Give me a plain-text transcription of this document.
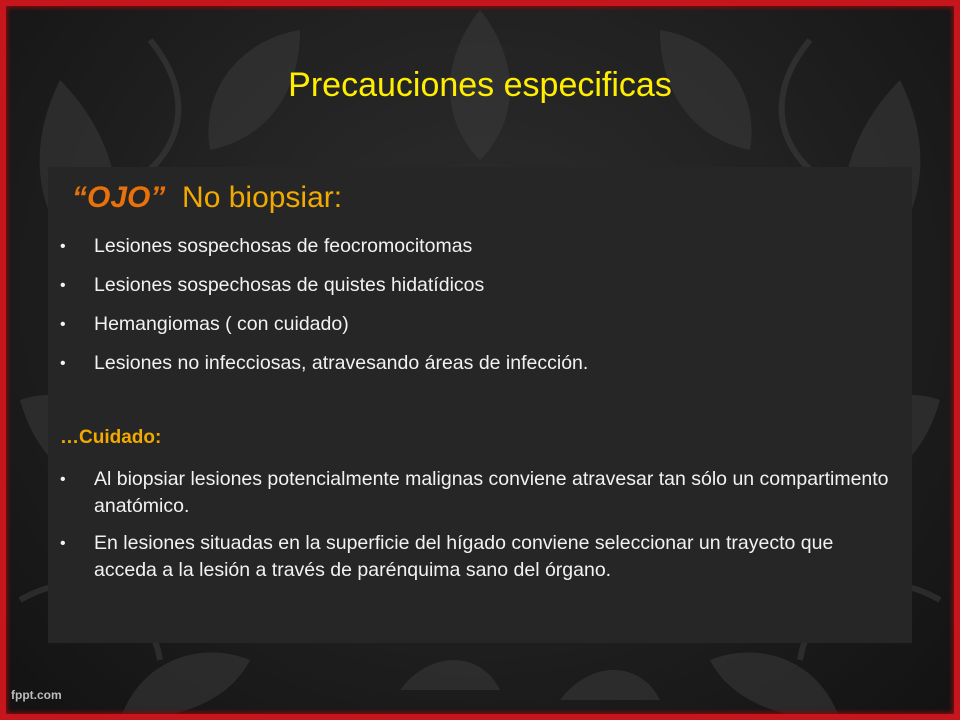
Precauciones especificas
“OJO” No biopsiar:
• Lesiones sospechosas de feocromocitomas
• Lesiones sospechosas de quistes hidatídicos
• Hemangiomas ( con cuidado)
• Lesiones no infecciosas, atravesando áreas de infección.
…Cuidado:
• Al biopsiar lesiones potencialmente malignas conviene atravesar tan sólo un compartimento anatómico.
• En lesiones situadas en la superficie del hígado conviene seleccionar un trayecto que acceda a la lesión a través de parénquima sano del órgano.
fppt.com
